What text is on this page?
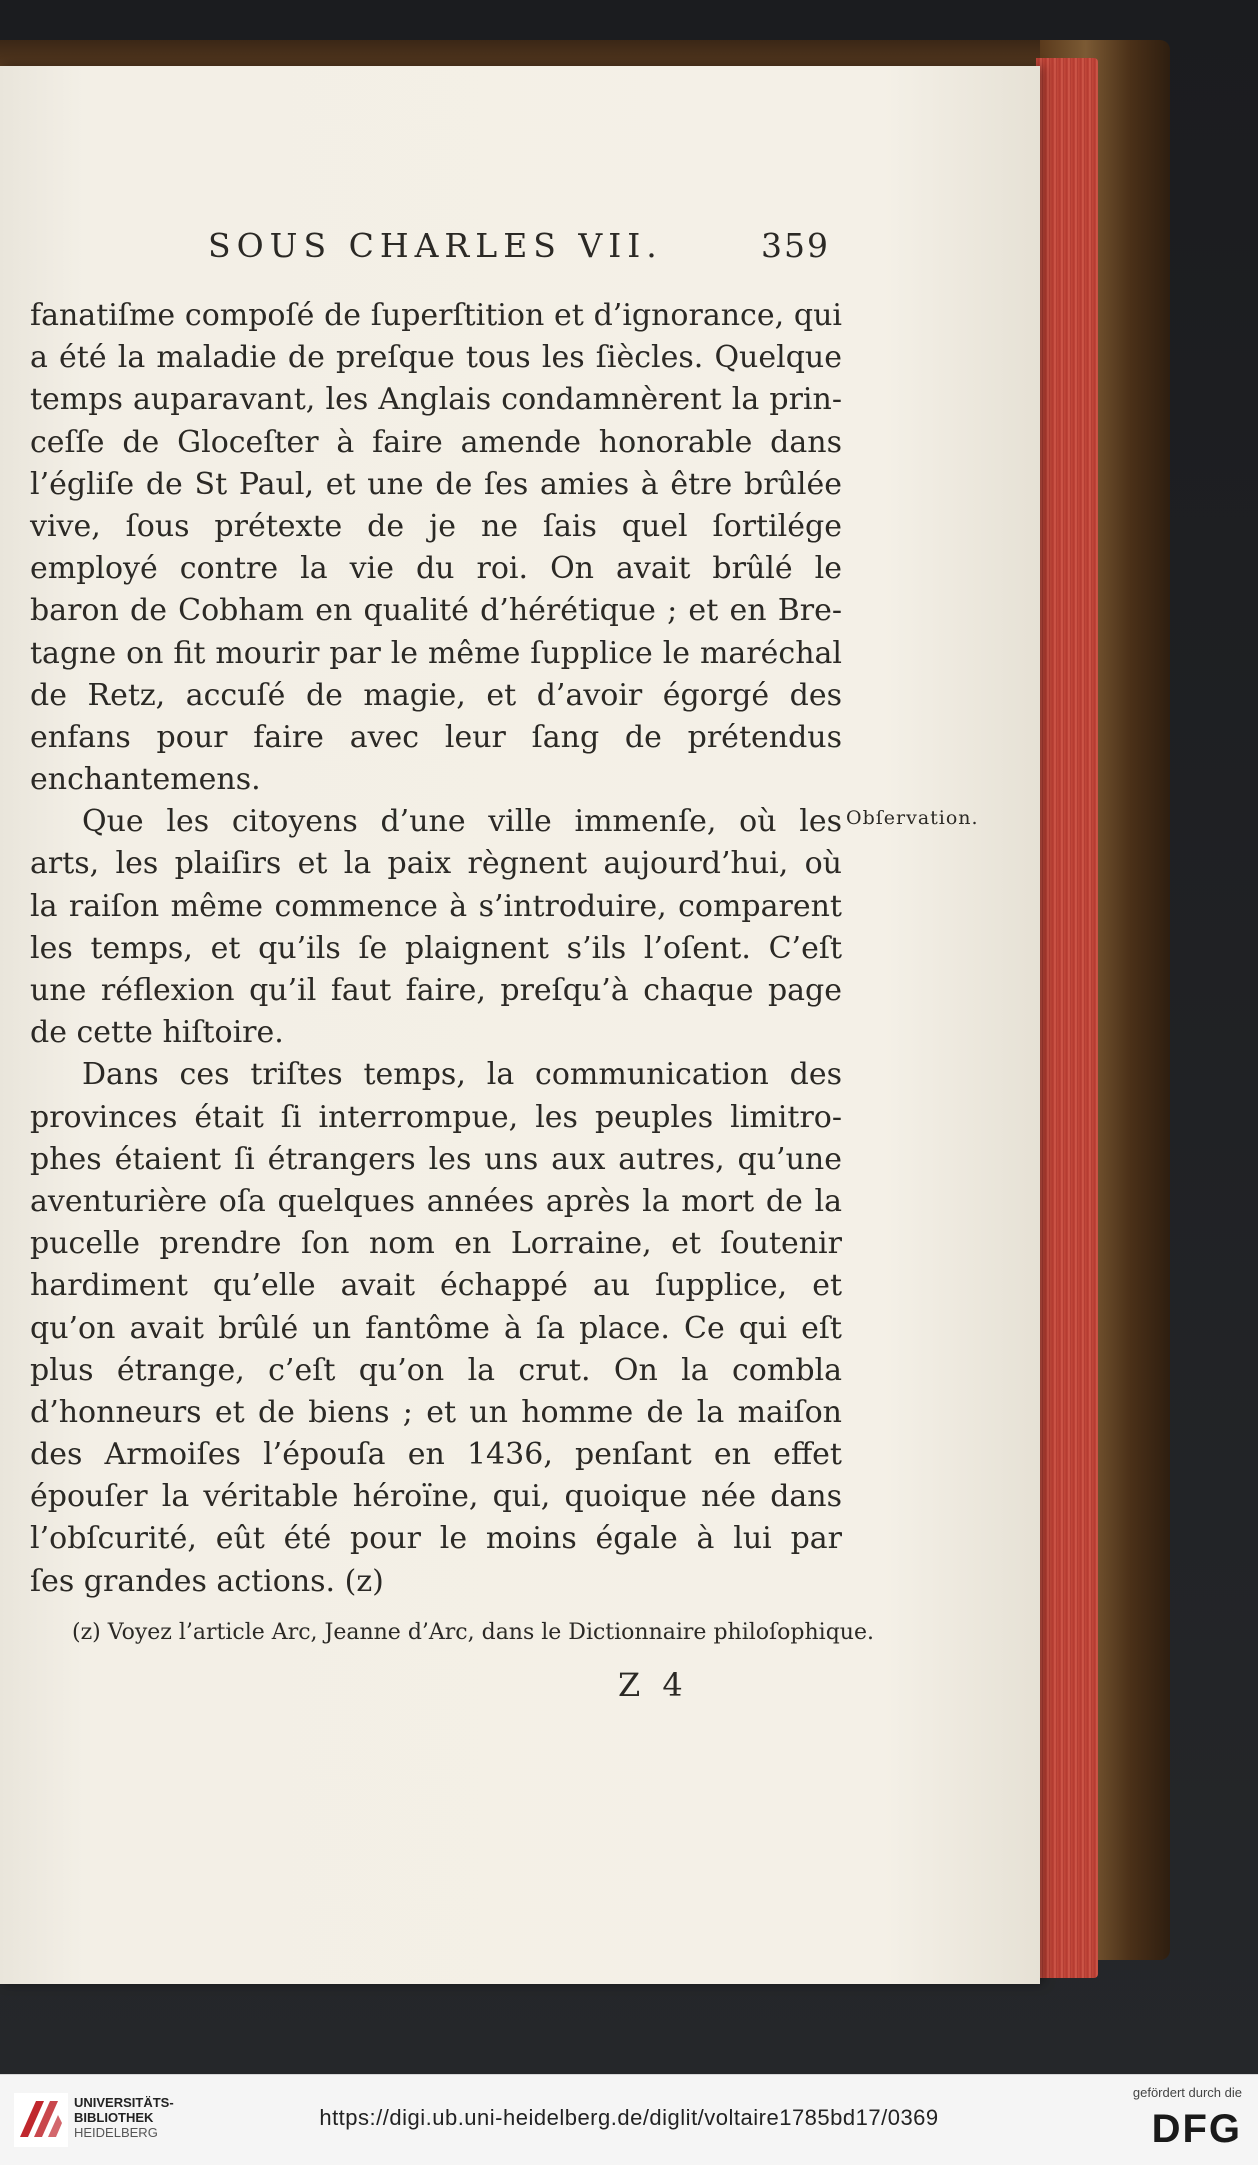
SOUS CHARLES VII.	359
fanatiſme compoſé de ſuperſtition et d’ignorance, qui
a été la maladie de preſque tous les ſiècles. Quelque
temps auparavant, les Anglais condamnèrent la prin-
ceſſe de Gloceſter à faire amende honorable dans
l’égliſe de St Paul, et une de ſes amies à être brûlée
vive, ſous prétexte de je ne ſais quel ſortilége
employé contre la vie du roi. On avait brûlé le
baron de Cobham en qualité d’hérétique ; et en Bre-
tagne on fit mourir par le même ſupplice le maréchal
de Retz, accuſé de magie, et d’avoir égorgé des
enfans pour faire avec leur ſang de prétendus
enchantemens.
Que les citoyens d’une ville immenſe, où les
arts, les plaiſirs et la paix règnent aujourd’hui, où
la raiſon même commence à s’introduire, comparent
les temps, et qu’ils ſe plaignent s’ils l’oſent. C’eſt
une réflexion qu’il faut faire, preſqu’à chaque page
de cette hiſtoire.
Dans ces triſtes temps, la communication des
provinces était ſi interrompue, les peuples limitro-
phes étaient ſi étrangers les uns aux autres, qu’une
aventurière oſa quelques années après la mort de la
pucelle prendre ſon nom en Lorraine, et ſoutenir
hardiment qu’elle avait échappé au ſupplice, et
qu’on avait brûlé un fantôme à ſa place. Ce qui eſt
plus étrange, c’eſt qu’on la crut. On la combla
d’honneurs et de biens ; et un homme de la maiſon
des Armoiſes l’épouſa en 1436, penſant en effet
épouſer la véritable héroïne, qui, quoique née dans
l’obſcurité, eût été pour le moins égale à lui par
ſes grandes actions. (z)
Obſervation.
(z) Voyez l’article Arc, Jeanne d’Arc, dans le Dictionnaire philoſophique.
Z 4
UNIVERSITÄTS-
BIBLIOTHEK
HEIDELBERG
https://digi.ub.uni-heidelberg.de/diglit/voltaire1785bd17/0369
gefördert durch die
DFG
